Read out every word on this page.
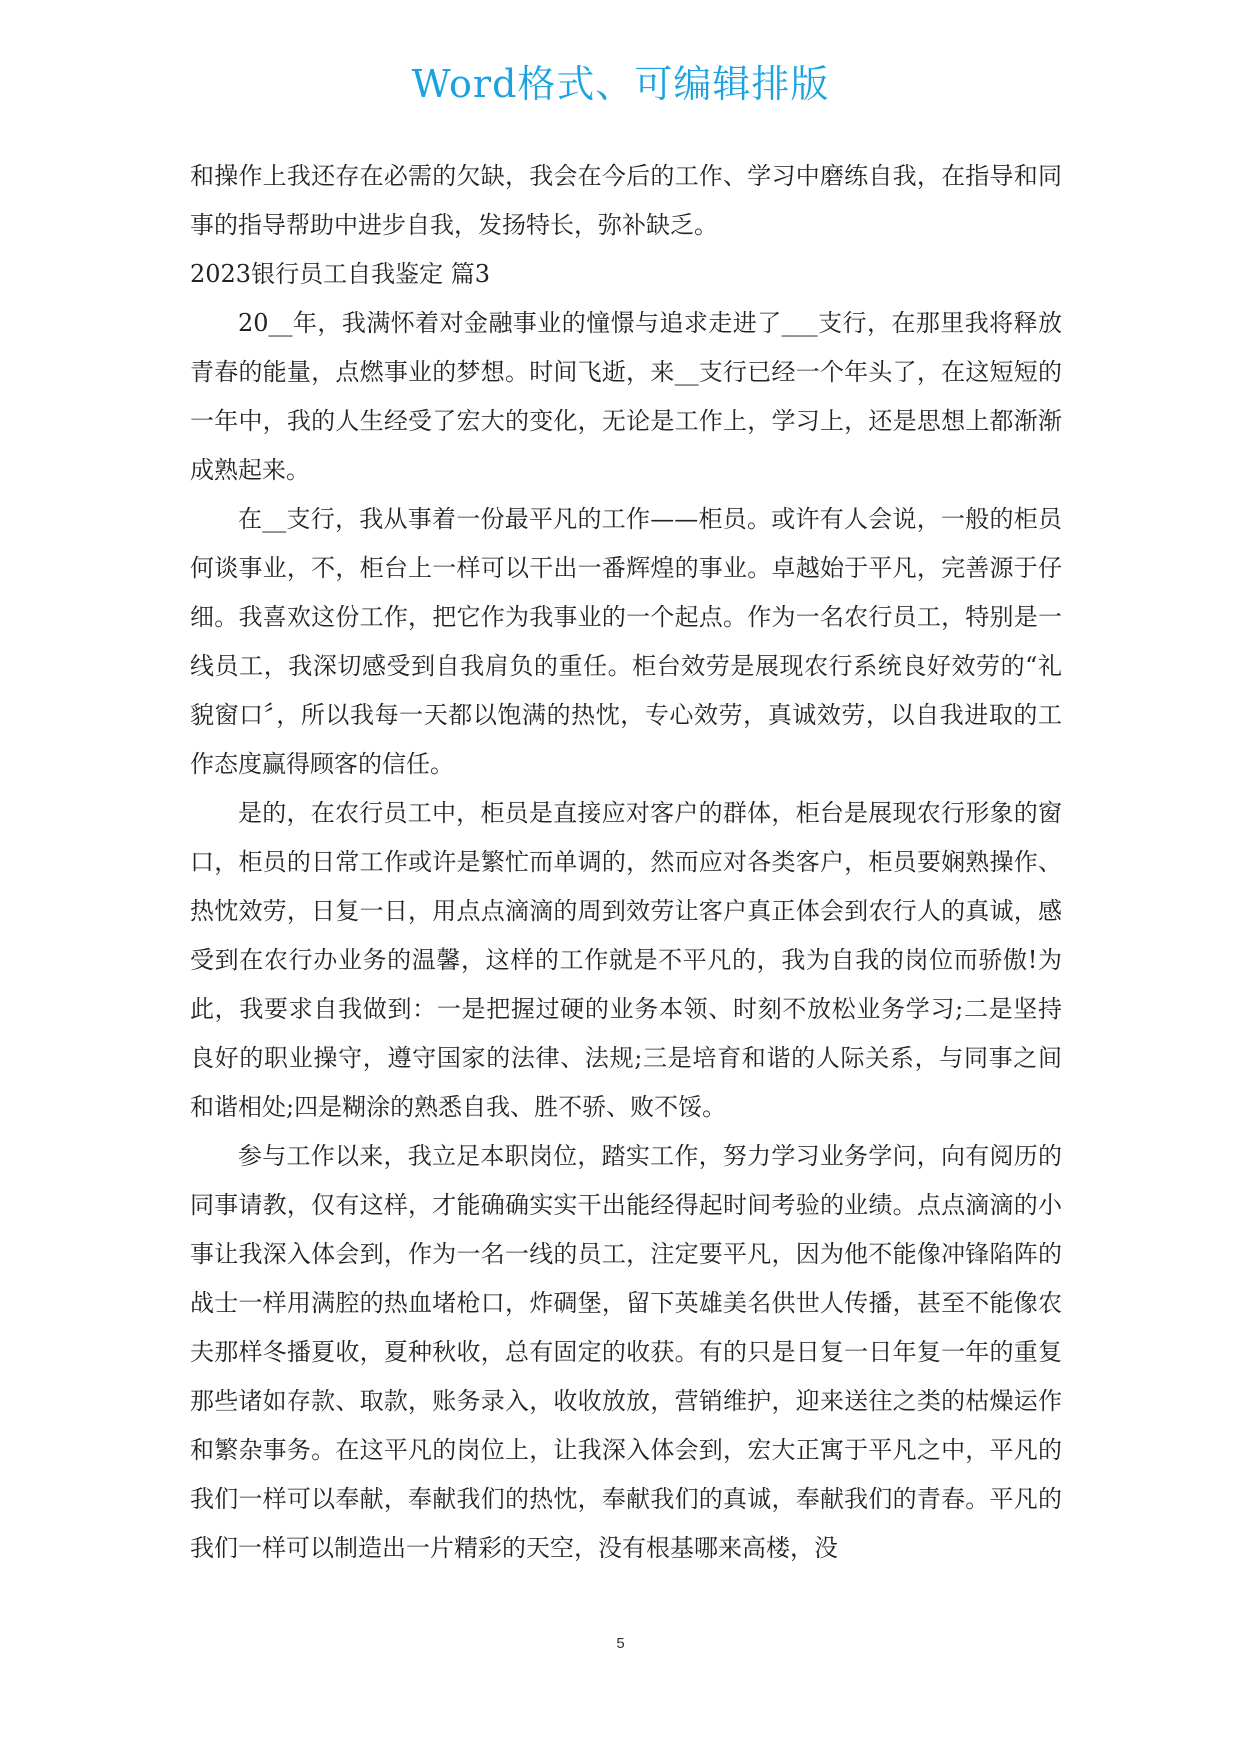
Word格式、可编辑排版

和操作上我还存在必需的欠缺，我会在今后的工作、学习中磨练自我，在指导和同事的指导帮助中进步自我，发扬特长，弥补缺乏。

2023银行员工自我鉴定 篇3

20__年，我满怀着对金融事业的憧憬与追求走进了___支行，在那里我将释放青春的能量，点燃事业的梦想。时间飞逝，来__支行已经一个年头了，在这短短的一年中，我的人生经受了宏大的变化，无论是工作上，学习上，还是思想上都渐渐成熟起来。

在__支行，我从事着一份最平凡的工作——柜员。或许有人会说，一般的柜员何谈事业，不，柜台上一样可以干出一番辉煌的事业。卓越始于平凡，完善源于仔细。我喜欢这份工作，把它作为我事业的一个起点。作为一名农行员工，特别是一线员工，我深切感受到自我肩负的重任。柜台效劳是展现农行系统良好效劳的“礼貌窗口〞，所以我每一天都以饱满的热忱，专心效劳，真诚效劳，以自我进取的工作态度赢得顾客的信任。

是的，在农行员工中，柜员是直接应对客户的群体，柜台是展现农行形象的窗口，柜员的日常工作或许是繁忙而单调的，然而应对各类客户，柜员要娴熟操作、热忱效劳，日复一日，用点点滴滴的周到效劳让客户真正体会到农行人的真诚，感受到在农行办业务的温馨，这样的工作就是不平凡的，我为自我的岗位而骄傲!为此，我要求自我做到：一是把握过硬的业务本领、时刻不放松业务学习;二是坚持良好的职业操守，遵守国家的法律、法规;三是培育和谐的人际关系，与同事之间和谐相处;四是糊涂的熟悉自我、胜不骄、败不馁。

参与工作以来，我立足本职岗位，踏实工作，努力学习业务学问，向有阅历的同事请教，仅有这样，才能确确实实干出能经得起时间考验的业绩。点点滴滴的小事让我深入体会到，作为一名一线的员工，注定要平凡，因为他不能像冲锋陷阵的战士一样用满腔的热血堵枪口，炸碉堡，留下英雄美名供世人传播，甚至不能像农夫那样冬播夏收，夏种秋收，总有固定的收获。有的只是日复一日年复一年的重复那些诸如存款、取款，账务录入，收收放放，营销维护，迎来送往之类的枯燥运作和繁杂事务。在这平凡的岗位上，让我深入体会到，宏大正寓于平凡之中，平凡的我们一样可以奉献，奉献我们的热忱，奉献我们的真诚，奉献我们的青春。平凡的我们一样可以制造出一片精彩的天空，没有根基哪来高楼，没

5
